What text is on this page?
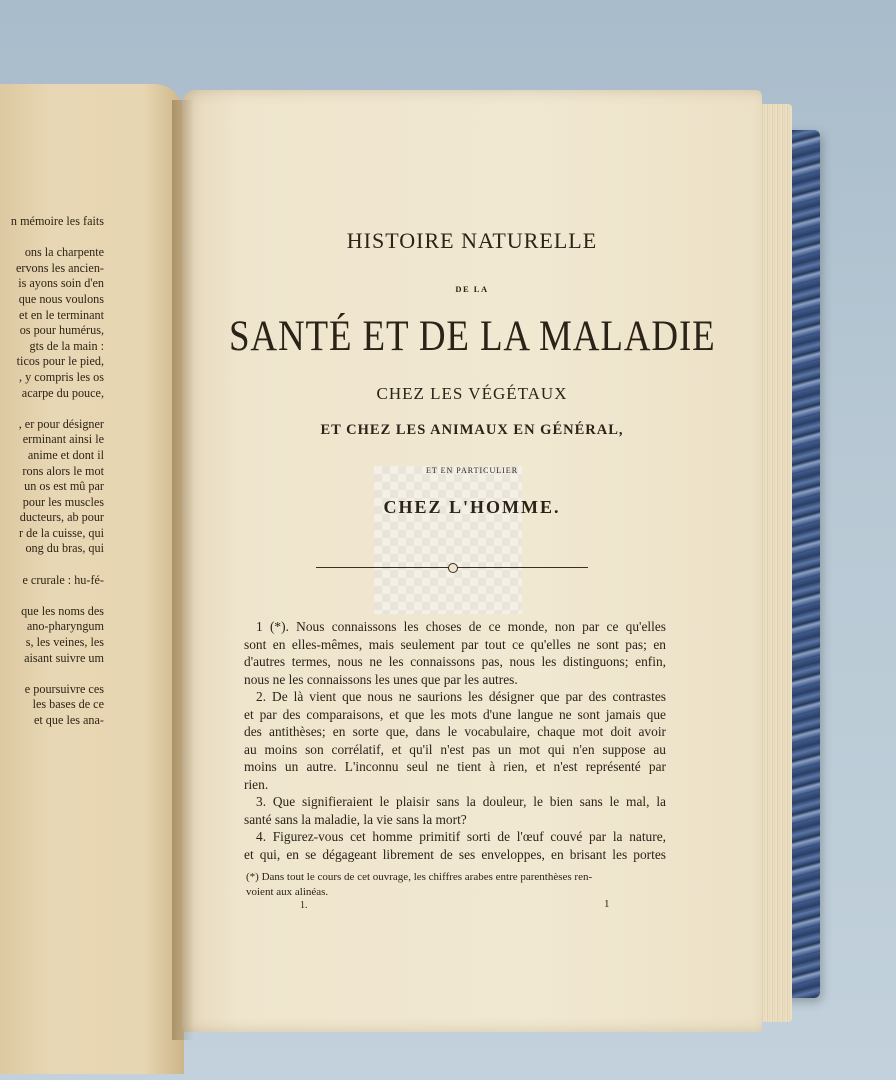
n mémoire les faits
ons la charpente
ervons les ancien-
is ayons soin d'en
que nous voulons
et en le terminant
os pour humérus,
gts de la main :
ticos pour le pied,
, y compris les os
acarpe du pouce,
, er pour désigner
erminant ainsi le
anime et dont il
rons alors le mot
un os est mû par
pour les muscles
ducteurs, ab pour
r de la cuisse, qui
ong du bras, qui
e crurale : hu-fé-
que les noms des
ano-pharyngum
s, les veines, les
aisant suivre um
e poursuivre ces
les bases de ce
et que les ana-
HISTOIRE NATURELLE
DE LA
SANTÉ ET DE LA MALADIE
CHEZ LES VÉGÉTAUX
ET CHEZ LES ANIMAUX EN GÉNÉRAL,
ET EN PARTICULIER
CHEZ L'HOMME.
1 (*). Nous connaissons les choses de ce monde, non par ce qu'elles
sont en elles-mêmes, mais seulement par tout ce qu'elles ne sont pas; en
d'autres termes, nous ne les connaissons pas, nous les distinguons; enfin,
nous ne les connaissons les unes que par les autres.
2. De là vient que nous ne saurions les désigner que par des contrastes
et par des comparaisons, et que les mots d'une langue ne sont jamais que
des antithèses; en sorte que, dans le vocabulaire, chaque mot doit avoir
au moins son corrélatif, et qu'il n'est pas un mot qui n'en suppose au
moins un autre. L'inconnu seul ne tient à rien, et n'est représenté par
rien.
3. Que signifieraient le plaisir sans la douleur, le bien sans le mal, la
santé sans la maladie, la vie sans la mort?
4. Figurez-vous cet homme primitif sorti de l'œuf couvé par la nature,
et qui, en se dégageant librement de ses enveloppes, en brisant les portes
(*) Dans tout le cours de cet ouvrage, les chiffres arabes entre parenthèses ren-
voient aux alinéas.
1.	1
